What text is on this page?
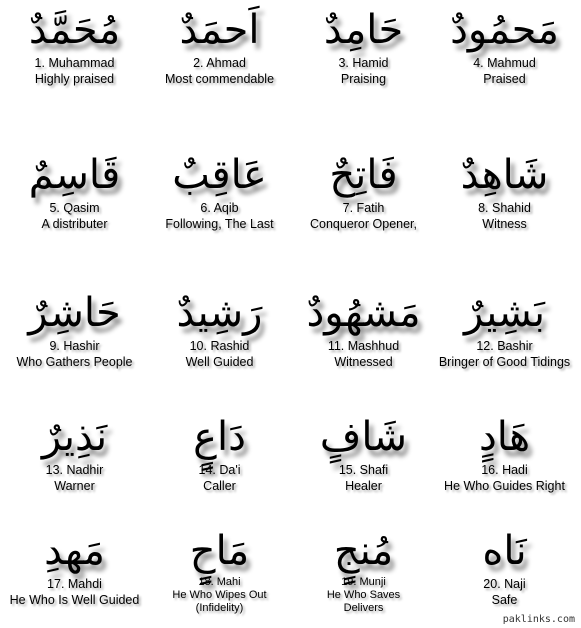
مُحَمَّدٌ
1. Muhammad
Highly praised
اَحمَدٌ
2. Ahmad
Most commendable
حَامِدٌ
3. Hamid
Praising
مَحمُودٌ
4. Mahmud
Praised
قَاسِمٌ
5. Qasim
A distributer
عَاقِبٌ
6. Aqib
Following, The Last
فَاتِحٌ
7. Fatih
Conqueror Opener,
شَاهِدٌ
8. Shahid
Witness
حَاشِرٌ
9. Hashir
Who Gathers People
رَشِيدٌ
10. Rashid
Well Guided
مَشهُودٌ
11. Mashhud
Witnessed
بَشِيرٌ
12. Bashir
Bringer of Good Tidings
نَذِيرٌ
13. Nadhir
Warner
دَاعٍ
14. Da'i
Caller
شَافٍ
15. Shafi
Healer
هَادٍ
16. Hadi
He Who Guides Right
مَهدِ
17. Mahdi
He Who Is Well Guided
مَاحٍ
18. Mahi
He Who Wipes Out
(Infidelity)
مُنجٍ
19. Munji
He Who Saves
Delivers
نَاه
20. Naji
Safe
paklinks.com
